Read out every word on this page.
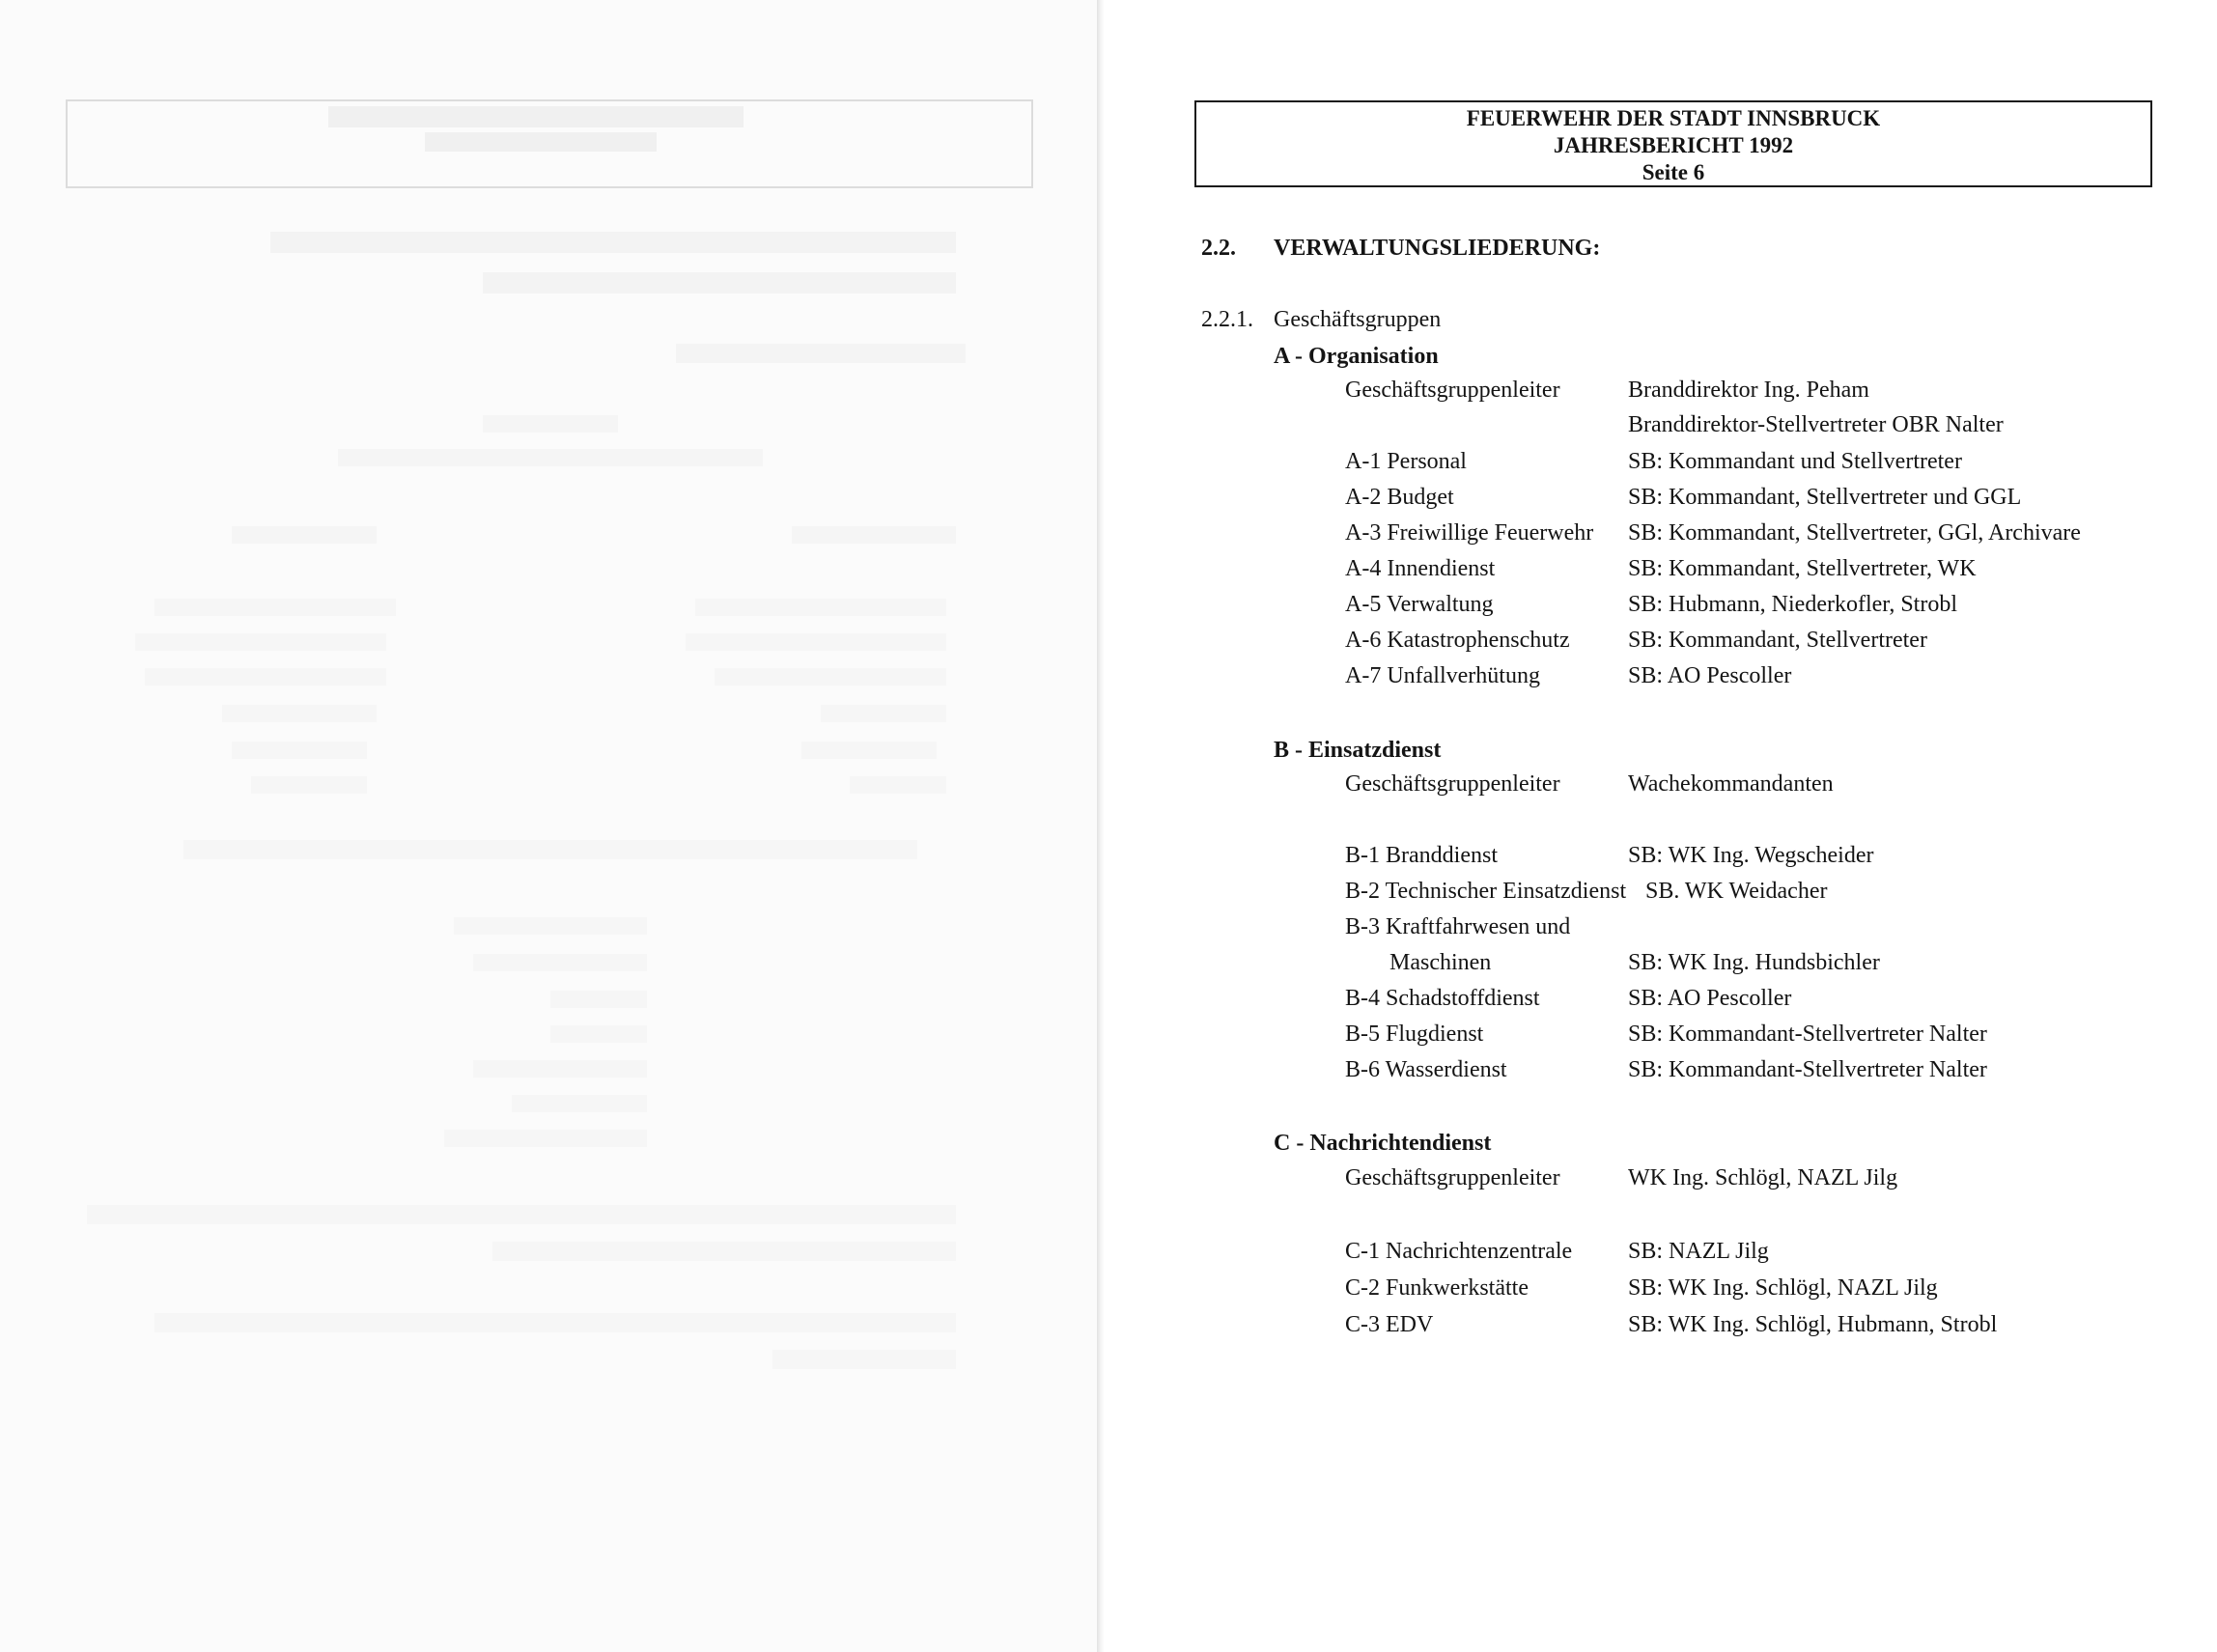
FEUERWEHR DER STADT INNSBRUCK
JAHRESBERICHT 1992
Seite 6
2.2. VERWALTUNGSLIEDERUNG:
2.2.1. Geschäftsgruppen
A - Organisation
Geschäftsgruppenleiter	Branddirektor Ing. Peham
Branddirektor-Stellvertreter OBR Nalter
A-1 Personal	SB: Kommandant und Stellvertreter
A-2 Budget	SB: Kommandant, Stellvertreter und GGL
A-3 Freiwillige Feuerwehr SB: Kommandant, Stellvertreter, GGl, Archivare
A-4 Innendienst	SB: Kommandant, Stellvertreter, WK
A-5 Verwaltung	SB: Hubmann, Niederkofler, Strobl
A-6 Katastrophenschutz	SB: Kommandant, Stellvertreter
A-7 Unfallverhütung	SB: AO Pescoller
B - Einsatzdienst
Geschäftsgruppenleiter	Wachekommandanten
B-1 Branddienst	SB: WK Ing. Wegscheider
B-2 Technischer Einsatzdienst SB. WK Weidacher
B-3 Kraftfahrwesen und
Maschinen	SB: WK Ing. Hundsbichler
B-4 Schadstoffdienst	SB: AO Pescoller
B-5 Flugdienst	SB: Kommandant-Stellvertreter Nalter
B-6 Wasserdienst	SB: Kommandant-Stellvertreter Nalter
C - Nachrichtendienst
Geschäftsgruppenleiter	WK Ing. Schlögl, NAZL Jilg
C-1 Nachrichtenzentrale SB: NAZL Jilg
C-2 Funkwerkstätte	SB: WK Ing. Schlögl, NAZL Jilg
C-3 EDV	SB: WK Ing. Schlögl, Hubmann, Strobl
